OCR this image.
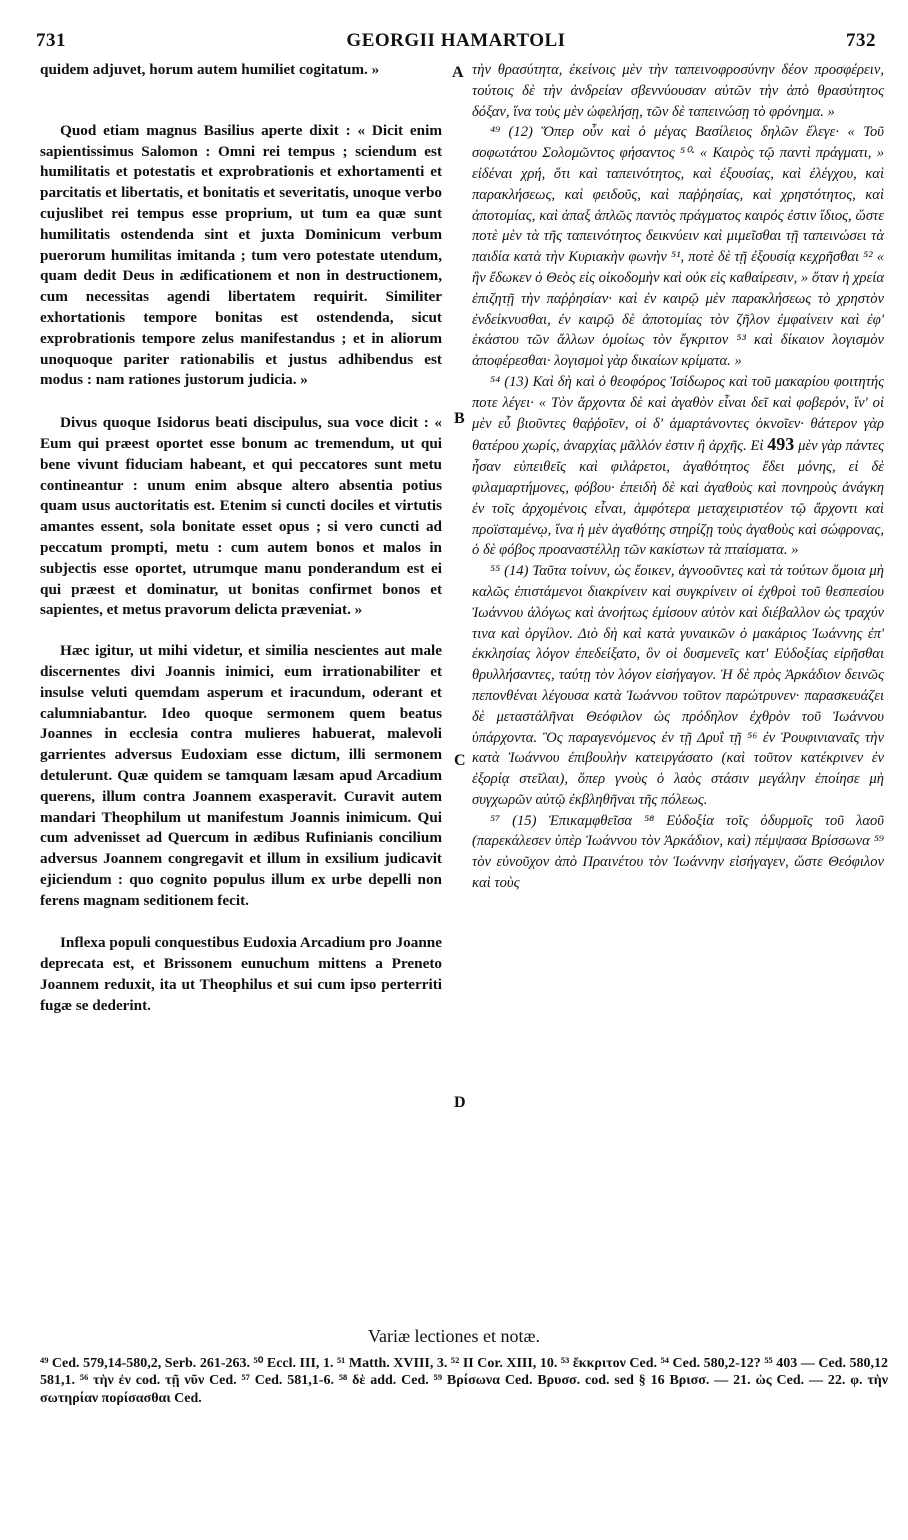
731	GEORGII HAMARTOLI	732

quidem adjuvet, horum autem humiliet cogitatum. »

Quod etiam magnus Basilius aperte dixit : « Dicit enim sapientissimus Salomon : Omni rei tempus ; sciendum est humilitatis et potestatis et exprobrationis et exhortamenti et parcitatis et libertatis, et bonitatis et severitatis, unoque verbo cujuslibet rei tempus esse proprium, ut tum ea quæ sunt humilitatis ostendenda sint et juxta Dominicum verbum puerorum humilitas imitanda ; tum vero potestate utendum, quam dedit Deus in ædificationem et non in destructionem, cum necessitas agendi libertatem requirit. Similiter exhortationis tempore bonitas est ostendenda, sicut exprobrationis tempore zelus manifestandus ; et in aliorum unoquoque pariter rationabilis et justus adhibendus est modus : nam rationes justorum judicia. »

Divus quoque Isidorus beati discipulus, sua voce dicit : « Eum qui præest oportet esse bonum ac tremendum, ut qui bene vivunt fiduciam habeant, et qui peccatores sunt metu contineantur : unum enim absque altero absentia potius quam usus auctoritatis est. Etenim si cuncti dociles et virtutis amantes essent, sola bonitate esset opus ; si vero cuncti ad peccatum prompti, metu : cum autem bonos et malos in subjectis esse oportet, utrumque manu ponderandum est ei qui præest et dominatur, ut bonitas confirmet bonos et sapientes, et metus pravorum delicta præveniat. »

Hæc igitur, ut mihi videtur, et similia nescientes aut male discernentes divi Joannis inimici, eum irrationabiliter et insulse veluti quemdam asperum et iracundum, oderant et calumniabantur. Ideo quoque sermonem quem beatus Joannes in ecclesia contra mulieres habuerat, malevoli garrientes adversus Eudoxiam esse dictum, illi sermonem detulerunt. Quæ quidem se tamquam læsam apud Arcadium querens, illum contra Joannem exasperavit. Curavit autem mandari Theophilum ut manifestum Joannis inimicum. Qui cum advenisset ad Quercum in ædibus Rufinianis concilium adversus Joannem congregavit et illum in exsilium judicavit ejiciendum : quo cognito populus illum ex urbe depelli non ferens magnam seditionem fecit.

Inflexa populi conquestibus Eudoxia Arcadium pro Joanne deprecata est, et Brissonem eunuchum mittens a Preneto Joannem reduxit, ita ut Theophilus et sui cum ipso perterriti fugæ se dederint.

A
B
C
D

τὴν θρασύτητα, ἐκείνοις μὲν τὴν ταπεινοφροσύνην δέον προσφέρειν, τούτοις δὲ τὴν ἀνδρείαν σβεννύουσαν αὐτῶν τὴν ἀπὸ θρασύτητος δόξαν, ἵνα τοὺς μὲν ὠφελήσῃ, τῶν δὲ ταπεινώσῃ τὸ φρόνημα. »

⁴⁹ (12) Ὅπερ οὖν καὶ ὁ μέγας Βασίλειος δηλῶν ἔλεγε· « Τοῦ σοφωτάτου Σολομῶντος φήσαντος ⁵⁰· « Καιρὸς τῷ παντὶ πράγματι, » εἰδέναι χρή, ὅτι καὶ ταπεινότητος, καὶ ἐξουσίας, καὶ ἐλέγχου, καὶ παρακλήσεως, καὶ φειδοῦς, καὶ παῤῥησίας, καὶ χρηστότητος, καὶ ἀποτομίας, καὶ ἁπαξ ἁπλῶς παντὸς πράγματος καιρός ἐστιν ἴδιος, ὥστε ποτὲ μὲν τὰ τῆς ταπεινότητος δεικνύειν καὶ μιμεῖσθαι τῇ ταπεινώσει τὰ παιδία κατὰ τὴν Κυριακὴν φωνὴν ⁵¹, ποτὲ δὲ τῇ ἐξουσίᾳ κεχρῆσθαι ⁵² « ἣν ἔδωκεν ὁ Θεὸς εἰς οἰκοδομὴν καὶ οὐκ εἰς καθαίρεσιν, » ὅταν ἡ χρεία ἐπιζητῇ τὴν παῤῥησίαν· καὶ ἐν καιρῷ μὲν παρακλήσεως τὸ χρηστὸν ἐνδείκνυσθαι, ἐν καιρῷ δὲ ἀποτομίας τὸν ζῆλον ἐμφαίνειν καὶ ἐφ' ἑκάστου τῶν ἄλλων ὁμοίως τὸν ἔγκριτον ⁵³ καὶ δίκαιον λογισμὸν ἀποφέρεσθαι· λογισμοὶ γὰρ δικαίων κρίματα. »

⁵⁴ (13) Καὶ δὴ καὶ ὁ θεοφόρος Ἰσίδωρος καὶ τοῦ μακαρίου φοιτητής ποτε λέγει· « Τὸν ἄρχοντα δὲ καὶ ἀγαθὸν εἶναι δεῖ καὶ φοβερόν, ἵν' οἱ μὲν εὖ βιοῦντες θαῤῥοῖεν, οἱ δ' ἁμαρτάνοντες ὀκνοῖεν· θάτερον γὰρ θατέρου χωρίς, ἀναρχίας μᾶλλόν ἐστιν ἢ ἀρχῆς. Εἰ 493 μὲν γὰρ πάντες ἦσαν εὐπειθεῖς καὶ φιλάρετοι, ἀγαθότητος ἔδει μόνης, εἰ δὲ φιλαμαρτήμονες, φόβου· ἐπειδὴ δὲ καὶ ἀγαθοὺς καὶ πονηροὺς ἀνάγκη ἐν τοῖς ἀρχομένοις εἶναι, ἀμφότερα μεταχειριστέον τῷ ἄρχοντι καὶ προϊσταμένῳ, ἵνα ἡ μὲν ἀγαθότης στηρίζῃ τοὺς ἀγαθοὺς καὶ σώφρονας, ὁ δὲ φόβος προαναστέλλῃ τῶν κακίστων τὰ πταίσματα. »

⁵⁵ (14) Ταῦτα τοίνυν, ὡς ἔοικεν, ἀγνοοῦντες καὶ τὰ τούτων ὅμοια μὴ καλῶς ἐπιστάμενοι διακρίνειν καὶ συγκρίνειν οἱ ἐχθροὶ τοῦ θεσπεσίου Ἰωάννου ἀλόγως καὶ ἀνοήτως ἐμίσουν αὐτὸν καὶ διέβαλλον ὡς τραχύν τινα καὶ ὀργίλον. Διὸ δὴ καὶ κατὰ γυναικῶν ὁ μακάριος Ἰωάννης ἐπ' ἐκκλησίας λόγον ἐπεδείξατο, ὃν οἱ δυσμενεῖς κατ' Εὐδοξίας εἰρῆσθαι θρυλλήσαντες, ταύτῃ τὸν λόγον εἰσήγαγον. Ἡ δὲ πρὸς Ἀρκάδιον δεινῶς πεπονθέναι λέγουσα κατὰ Ἰωάννου τοῦτον παρώτρυνεν· παρασκευάζει δὲ μεταστάλῆναι Θεόφιλον ὡς πρόδηλον ἐχθρὸν τοῦ Ἰωάννου ὑπάρχοντα. Ὃς παραγενόμενος ἐν τῇ Δρυΐ τῇ ⁵⁶ ἐν Ῥουφινιαναῖς τὴν κατὰ Ἰωάννου ἐπιβουλὴν κατειργάσατο (καὶ τοῦτον κατέκρινεν ἐν ἐξορίᾳ στεῖλαι), ὅπερ γνοὺς ὁ λαὸς στάσιν μεγάλην ἐποίησε μὴ συγχωρῶν αὐτῷ ἐκβληθῆναι τῆς πόλεως.

⁵⁷ (15) Ἐπικαμφθεῖσα ⁵⁸ Εὐδοξία τοῖς ὀδυρμοῖς τοῦ λαοῦ (παρεκάλεσεν ὑπὲρ Ἰωάννου τὸν Ἀρκάδιον, καὶ) πέμψασα Βρίσσωνα ⁵⁹ τὸν εὐνοῦχον ἀπὸ Πραινέτου τὸν Ἰωάννην εἰσήγαγεν, ὥστε Θεόφιλον καὶ τοὺς

Variæ lectiones et notæ.
⁴⁹ Ced. 579,14-580,2, Serb. 261-263. ⁵⁰ Eccl. III, 1. ⁵¹ Matth. XVIII, 3. ⁵² II Cor. XIII, 10. ⁵³ ἔκκριτον Ced. ⁵⁴ Ced. 580,2-12? ⁵⁵ 403 — Ced. 580,12 581,1. ⁵⁶ τὴν ἐν cod. τῇ νῦν Ced. ⁵⁷ Ced. 581,1-6. ⁵⁸ δὲ add. Ced. ⁵⁹ Βρίσωνα Ced. Βρυσσ. cod. sed § 16 Βρισσ. — 21. ὡς Ced. — 22. φ. τὴν σωτηρίαν πορίσασθαι Ced.
